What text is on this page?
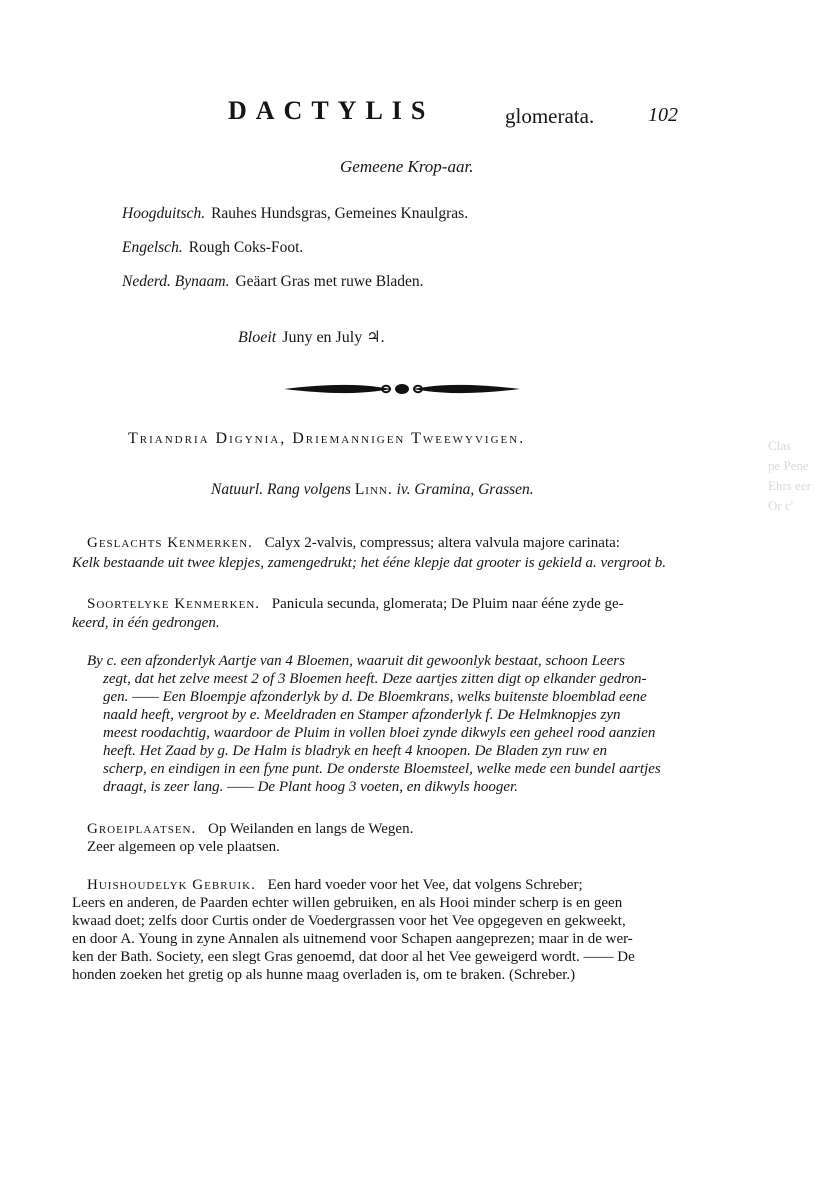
Clas
pe Pene
Ehrs eer
Or c'
DACTYLIS	glomerata.	102
Gemeene Krop-aar.
Hoogduitsch. Rauhes Hundsgras, Gemeines Knaulgras.
Engelsch. Rough Coks-Foot.
Nederd. Bynaam. Geäart Gras met ruwe Bladen.
Bloeit Juny en July ♃.
Triandria Digynia, Driemannigen Tweewyvigen.
Natuurl. Rang volgens Linn. iv. Gramina, Grassen.
Geslachts Kenmerken. Calyx 2-valvis, compressus; altera valvula majore carinata:
Kelk bestaande uit twee klepjes, zamengedrukt; het ééne klepje dat grooter is gekield a. vergroot b.
Soortelyke Kenmerken. Panicula secunda, glomerata; De Pluim naar ééne zyde ge-
keerd, in één gedrongen.
By c. een afzonderlyk Aartje van 4 Bloemen, waaruit dit gewoonlyk bestaat, schoon Leers
zegt, dat het zelve meest 2 of 3 Bloemen heeft. Deze aartjes zitten digt op elkander gedron-
gen. —— Een Bloempje afzonderlyk by d. De Bloemkrans, welks buitenste bloemblad eene
naald heeft, vergroot by e. Meeldraden en Stamper afzonderlyk f. De Helmknopjes zyn
meest roodachtig, waardoor de Pluim in vollen bloei zynde dikwyls een geheel rood aanzien
heeft. Het Zaad by g. De Halm is bladryk en heeft 4 knoopen. De Bladen zyn ruw en
scherp, en eindigen in een fyne punt. De onderste Bloemsteel, welke mede een bundel aartjes
draagt, is zeer lang. —— De Plant hoog 3 voeten, en dikwyls hooger.
Groeiplaatsen. Op Weilanden en langs de Wegen.
Zeer algemeen op vele plaatsen.
Huishoudelyk Gebruik. Een hard voeder voor het Vee, dat volgens Schreber;
Leers en anderen, de Paarden echter willen gebruiken, en als Hooi minder scherp is en geen
kwaad doet; zelfs door Curtis onder de Voedergrassen voor het Vee opgegeven en gekweekt,
en door A. Young in zyne Annalen als uitnemend voor Schapen aangeprezen; maar in de wer-
ken der Bath. Society, een slegt Gras genoemd, dat door al het Vee geweigerd wordt. —— De
honden zoeken het gretig op als hunne maag overladen is, om te braken. (Schreber.)
